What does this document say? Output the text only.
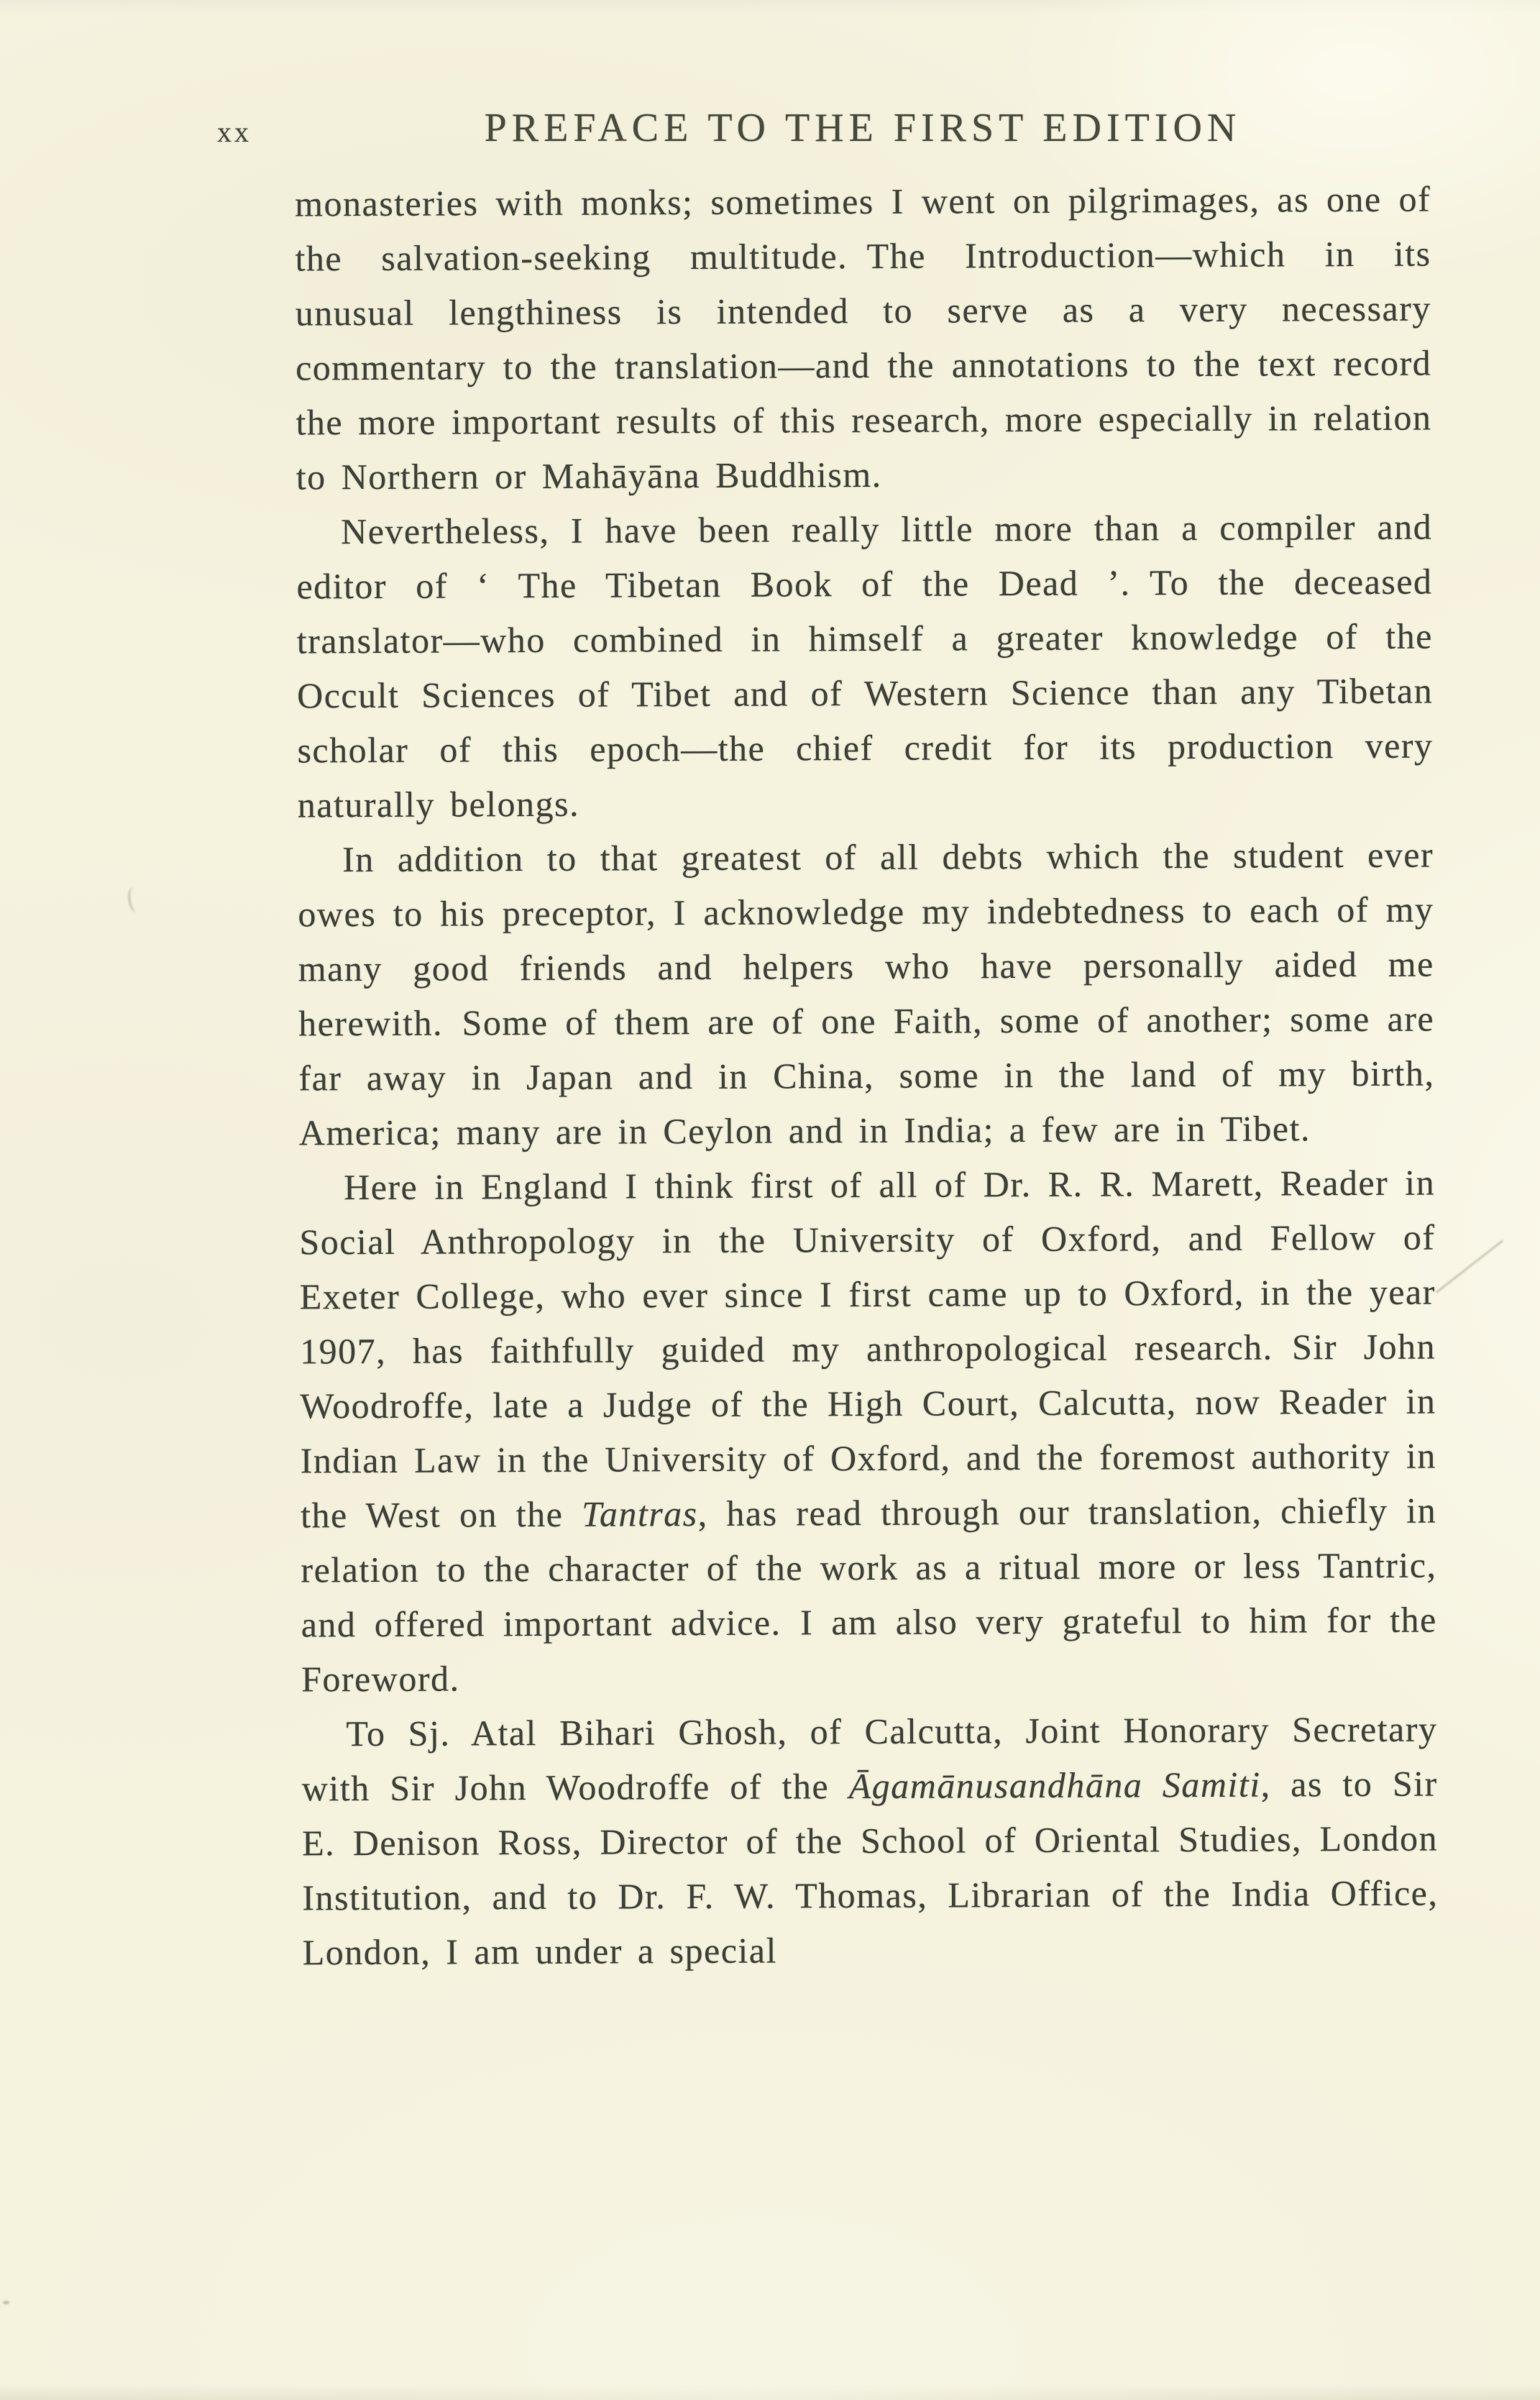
xx	PREFACE TO THE FIRST EDITION

monasteries with monks; sometimes I went on pilgrimages, as one of the salvation-seeking multitude. The Introduction—which in its unusual lengthiness is intended to serve as a very necessary commentary to the translation—and the annotations to the text record the more important results of this research, more especially in relation to Northern or Mahāyāna Buddhism.

Nevertheless, I have been really little more than a compiler and editor of ‘ The Tibetan Book of the Dead ’. To the deceased translator—who combined in himself a greater knowledge of the Occult Sciences of Tibet and of Western Science than any Tibetan scholar of this epoch—the chief credit for its production very naturally belongs.

In addition to that greatest of all debts which the student ever owes to his preceptor, I acknowledge my indebtedness to each of my many good friends and helpers who have personally aided me herewith. Some of them are of one Faith, some of another; some are far away in Japan and in China, some in the land of my birth, America; many are in Ceylon and in India; a few are in Tibet.

Here in England I think first of all of Dr. R. R. Marett, Reader in Social Anthropology in the University of Oxford, and Fellow of Exeter College, who ever since I first came up to Oxford, in the year 1907, has faithfully guided my anthropological research. Sir John Woodroffe, late a Judge of the High Court, Calcutta, now Reader in Indian Law in the University of Oxford, and the foremost authority in the West on the Tantras, has read through our translation, chiefly in relation to the character of the work as a ritual more or less Tantric, and offered important advice. I am also very grateful to him for the Foreword.

To Sj. Atal Bihari Ghosh, of Calcutta, Joint Honorary Secretary with Sir John Woodroffe of the Āgamānusandhāna Samiti, as to Sir E. Denison Ross, Director of the School of Oriental Studies, London Institution, and to Dr. F. W. Thomas, Librarian of the India Office, London, I am under a special
